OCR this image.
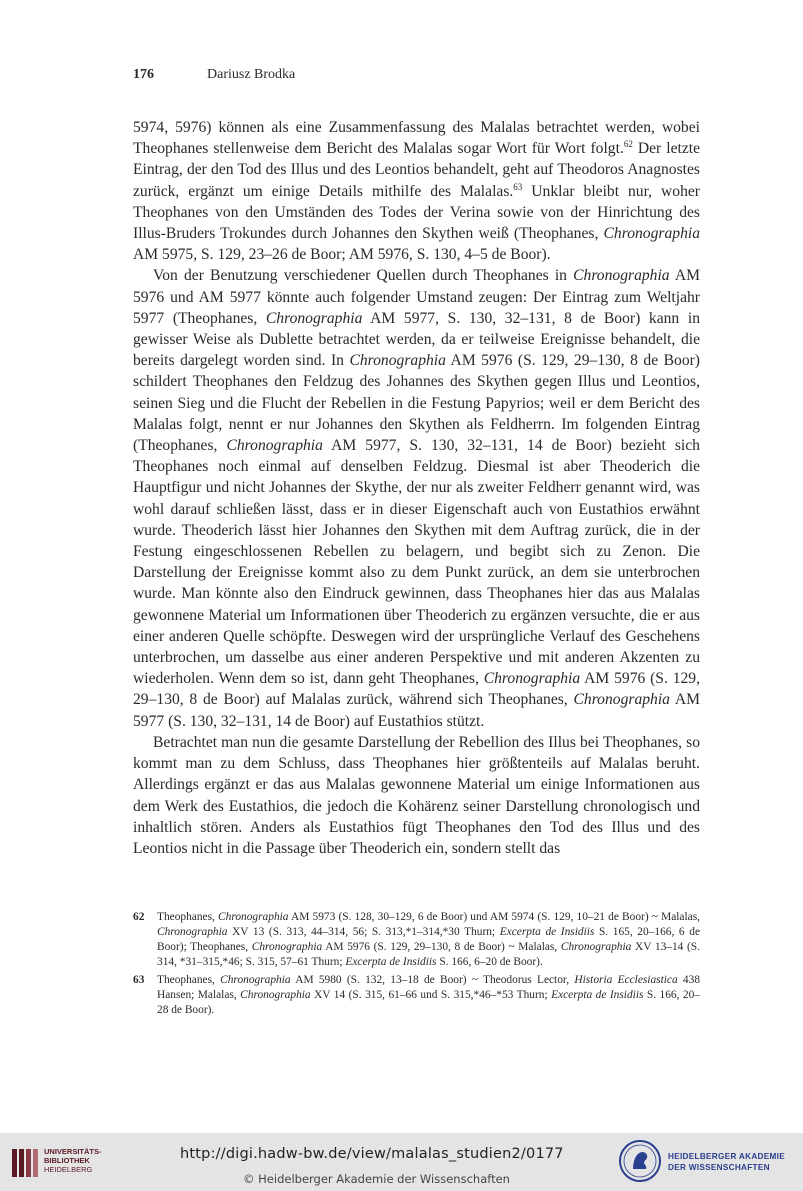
176	Dariusz Brodka

5974, 5976) können als eine Zusammenfassung des Malalas betrachtet werden, wobei Theophanes stellenweise dem Bericht des Malalas sogar Wort für Wort folgt.$^{62}$ Der letzte Eintrag, der den Tod des Illus und des Leontios behandelt, geht auf Theodoros Anagnostes zurück, ergänzt um einige Details mithilfe des Malalas.$^{63}$ Unklar bleibt nur, woher Theophanes von den Umständen des Todes der Verina sowie von der Hinrichtung des Illus-Bruders Trokundes durch Johannes den Skythen weiß (Theophanes, Chronographia AM 5975, S. 129, 23–26 de Boor; AM 5976, S. 130, 4–5 de Boor).

Von der Benutzung verschiedener Quellen durch Theophanes in Chronographia AM 5976 und AM 5977 könnte auch folgender Umstand zeugen: Der Eintrag zum Weltjahr 5977 (Theophanes, Chronographia AM 5977, S. 130, 32–131, 8 de Boor) kann in gewisser Weise als Dublette betrachtet werden, da er teilweise Ereignisse behandelt, die bereits dargelegt worden sind. In Chronographia AM 5976 (S. 129, 29–130, 8 de Boor) schildert Theophanes den Feldzug des Johannes des Skythen gegen Illus und Leontios, seinen Sieg und die Flucht der Rebellen in die Festung Papyrios; weil er dem Bericht des Malalas folgt, nennt er nur Johannes den Skythen als Feldherrn. Im folgenden Eintrag (Theophanes, Chronographia AM 5977, S. 130, 32–131, 14 de Boor) bezieht sich Theophanes noch einmal auf denselben Feldzug. Diesmal ist aber Theoderich die Hauptfigur und nicht Johannes der Skythe, der nur als zweiter Feldherr genannt wird, was wohl darauf schließen lässt, dass er in dieser Eigenschaft auch von Eustathios erwähnt wurde. Theoderich lässt hier Johannes den Skythen mit dem Auftrag zurück, die in der Festung eingeschlossenen Rebellen zu belagern, und begibt sich zu Zenon. Die Darstellung der Ereignisse kommt also zu dem Punkt zurück, an dem sie unterbrochen wurde. Man könnte also den Eindruck gewinnen, dass Theophanes hier das aus Malalas gewonnene Material um Informationen über Theoderich zu ergänzen versuchte, die er aus einer anderen Quelle schöpfte. Deswegen wird der ursprüngliche Verlauf des Geschehens unterbrochen, um dasselbe aus einer anderen Perspektive und mit anderen Akzenten zu wiederholen. Wenn dem so ist, dann geht Theophanes, Chronographia AM 5976 (S. 129, 29–130, 8 de Boor) auf Malalas zurück, während sich Theophanes, Chronographia AM 5977 (S. 130, 32–131, 14 de Boor) auf Eustathios stützt.

Betrachtet man nun die gesamte Darstellung der Rebellion des Illus bei Theophanes, so kommt man zu dem Schluss, dass Theophanes hier größtenteils auf Malalas beruht. Allerdings ergänzt er das aus Malalas gewonnene Material um einige Informationen aus dem Werk des Eustathios, die jedoch die Kohärenz seiner Darstellung chronologisch und inhaltlich stören. Anders als Eustathios fügt Theophanes den Tod des Illus und des Leontios nicht in die Passage über Theoderich ein, sondern stellt das

62 Theophanes, Chronographia AM 5973 (S. 128, 30–129, 6 de Boor) und AM 5974 (S. 129, 10–21 de Boor) ~ Malalas, Chronographia XV 13 (S. 313, 44–314, 56; S. 313,*1–314,*30 Thurn; Excerpta de Insidiis S. 165, 20–166, 6 de Boor); Theophanes, Chronographia AM 5976 (S. 129, 29–130, 8 de Boor) ~ Malalas, Chronographia XV 13–14 (S. 314, *31–315,*46; S. 315, 57–61 Thurn; Excerpta de Insidiis S. 166, 6–20 de Boor).
63 Theophanes, Chronographia AM 5980 (S. 132, 13–18 de Boor) ~ Theodorus Lector, Historia Ecclesiastica 438 Hansen; Malalas, Chronographia XV 14 (S. 315, 61–66 und S. 315,*46–*53 Thurn; Excerpta de Insidiis S. 166, 20–28 de Boor).
UNIVERSITÄTS-
BIBLIOTHEK
HEIDELBERG
http://digi.hadw-bw.de/view/malalas_studien2/0177
© Heidelberger Akademie der Wissenschaften
HEIDELBERGER AKADEMIE
DER WISSENSCHAFTEN
